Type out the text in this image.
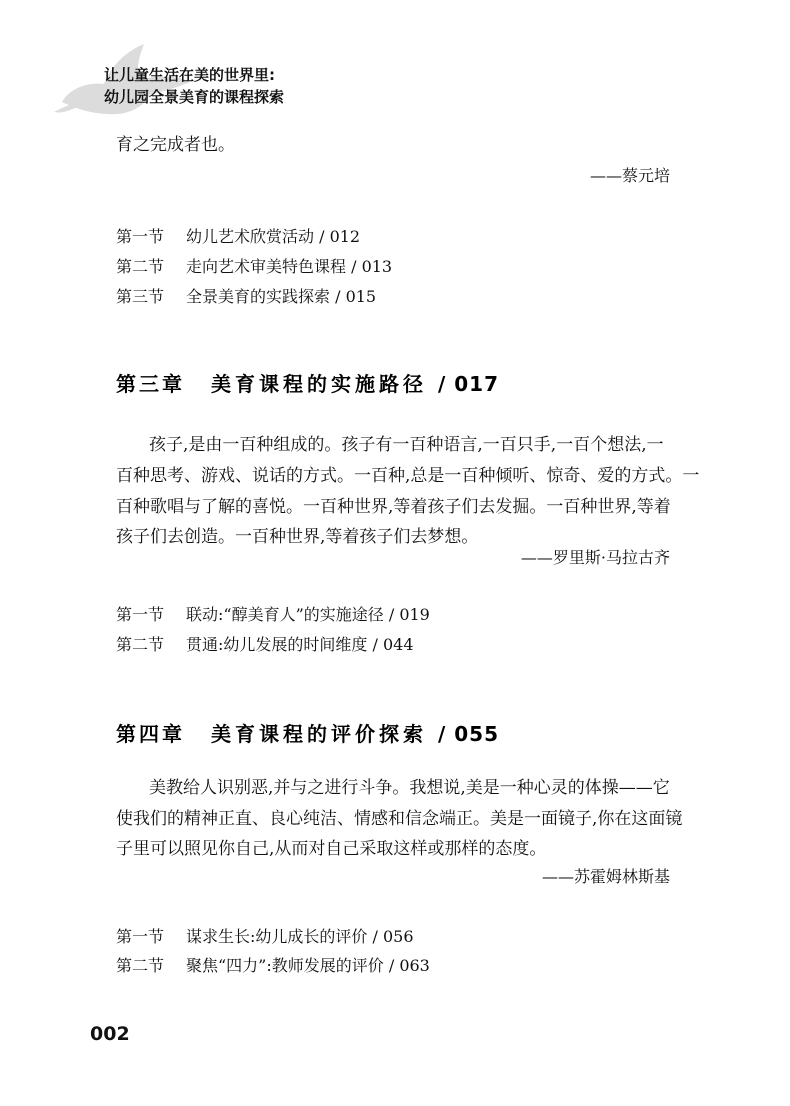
让儿童生活在美的世界里:
幼儿园全景美育的课程探索
育之完成者也。
——蔡元培
第一节 幼儿艺术欣赏活动 / 012
第二节 走向艺术审美特色课程 / 013
第三节 全景美育的实践探索 / 015
第三章 美育课程的实施路径 / 017
孩子,是由一百种组成的。孩子有一百种语言,一百只手,一百个想法,一
百种思考、游戏、说话的方式。一百种,总是一百种倾听、惊奇、爱的方式。一
百种歌唱与了解的喜悦。一百种世界,等着孩子们去发掘。一百种世界,等着
孩子们去创造。一百种世界,等着孩子们去梦想。
——罗里斯·马拉古齐
第一节 联动:“醇美育人”的实施途径 / 019
第二节 贯通:幼儿发展的时间维度 / 044
第四章 美育课程的评价探索 / 055
美教给人识别恶,并与之进行斗争。我想说,美是一种心灵的体操——它
使我们的精神正直、良心纯洁、情感和信念端正。美是一面镜子,你在这面镜
子里可以照见你自己,从而对自己采取这样或那样的态度。
——苏霍姆林斯基
第一节 谋求生长:幼儿成长的评价 / 056
第二节 聚焦“四力”:教师发展的评价 / 063
002
